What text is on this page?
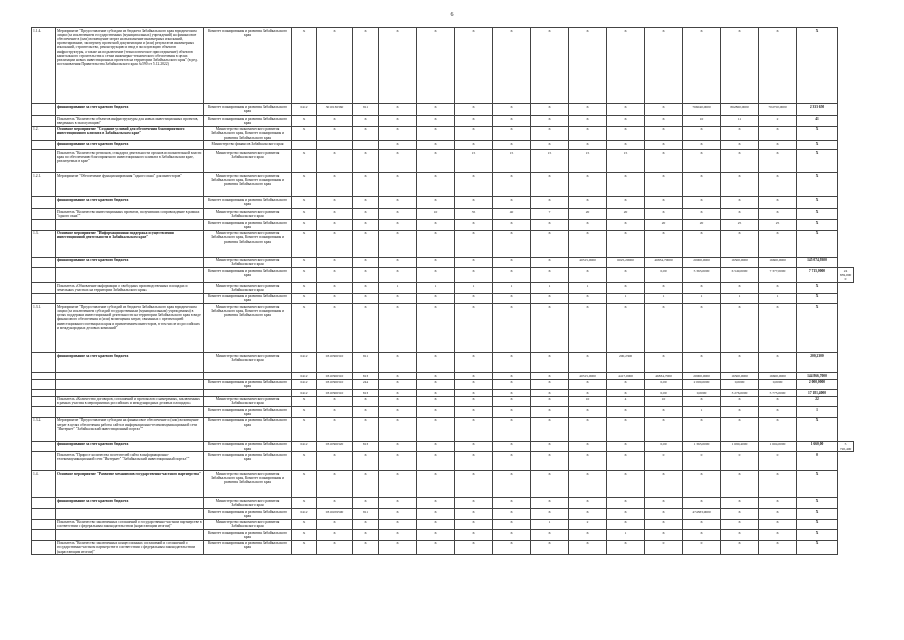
6
1.1.4.	Мероприятие "Предоставление субсидии из бюджета Забайкальского края юридическим лицам (за исключением государственных (муниципальных) учреждений) на финансовое обеспечение в (или) возмещение затрат на выполнение инженерных изысканий, проектирование, экспертизу проектной документации и (или) результатов инженерных изысканий, строительство, реконструкцию и ввод в эксплуатацию объектов инфраструктуры, а также на подключение (технологическое присоединение) объектов капитального строительства к сетям инженерно-технического обеспечения в целях реализации новых инвестиционных проектов на территории Забайкальского края" (в ред. постановления Правительства Забайкальского края №590 от 5.12.2022)	Комитет планирования и развития Забайкальского края	X	X	X	X	X	X	X	X	X	X	X	X	X	X	X	
	финансирование за счет краевого бюджета	Комитет планирования и развития Забайкальского края	0412	3010136360	811	X	X	X	X	X	X	X	X	766040,0000	862860,0000	704750,0000	2 333 650	
	Показатель "Количество объектов инфраструктуры для новых инвестиционных проектов, введенных в эксплуатацию"	Комитет планирования и развития Забайкальского края	X	X	X	X	X	X	X	X	X	X	X	10	11	2	41	
1.2.	Основное мероприятие "Создание условий для обеспечения благоприятного инвестиционного климата в Забайкальском крае"	Министерство экономического развития Забайкальского края, Комитет планирования и развития Забайкальского края	X	X	X	X	X	X	X	X	X	X	X	X	X	X	X	
	финансирование за счет краевого бюджета	Министерство финансов Забайкальского края				X	X	X	X	X	X	X	X	X	X	X	X	
	Показатель "Количество регионов, стандарта деятельности органов исполнительной власти края по обеспечению благоприятного инвестиционного климата в Забайкальском крае, реализуемых в крае"	Министерство экономического развития Забайкальского края	X	X	X	X	X	15	15	15	15	15	X	X	X	X	X	
1.2.1.	Мероприятие "Обеспечение функционирования "одного окна" для инвесторов"	Министерство экономического развития Забайкальского края, Комитет планирования и развития Забайкальского края	X	X	X	X	X	X	X	X	X	X	X	X	X	X	X	
	финансирование за счет краевого бюджета	Комитет планирования и развития Забайкальского края	X	X	X	X	X	X	X	X	X	X	X	X	X	X	X	
	Показатель "Количество инвестиционных проектов, получивших сопровождение в рамках "одного окна""	Министерство экономического развития Забайкальского края	X	X	X	X	10	35	40	7	20	20	X	X	X	X	X	
		Комитет планирования и развития Забайкальского края	X	X	X	X	X	X	X	X	X	X	20	20	25	25	X	
1.3.	Основное мероприятие "Информационная поддержка осуществления инвестиционной деятельности в Забайкальском крае"	Министерство экономического развития Забайкальского края, Комитет планирования и развития Забайкальского края	X	X	X	X	X	X	X	X	X	X	X	X	X	X	X	
	финансирование за счет краевого бюджета	Министерство экономического развития Забайкальского края	X	X	X	X	X	X	X	X	40315,0000	6025,20000	46834,70000	20000,0000	16500,0000	16600,0000	145 074,9300	
		Комитет планирования и развития Забайкальского края	X	X	X	X	X	X	X	X	X	X	0,00	5 363,0000	6 549,0000	7 377,0000	7 715,0000	24 839,0000
	Показатель «Обновление информации о свободных производственных площадях и земельных участках на территории Забайкальского края»	Министерство экономического развития Забайкальского края	X	X	X	1	1	1	1	1	1	X	X	X	X	X	X	
		Комитет планирования и развития Забайкальского края	X	X	X	X	X	X	X	X	X	1	1	1	1	1	X	
1.3.1.	Мероприятие "Предоставление субсидий из бюджета Забайкальского края юридическим лицам (за исключением субсидий государственным (муниципальным) учреждениям) в целях поддержки инвестиционной деятельности на территории Забайкальского края в виде финансового обеспечения и (или) возмещения затрат, связанных с презентацией инвестиционного потенциала края и привлечением инвесторов, в том числе из российских и международных деловых компаний"	Министерство экономического развития Забайкальского края, Комитет планирования и развития Забайкальского края	X	X	X	X	X	X	X	X	X	X	X	X	X	X	X	
	финансирование за счет краевого бюджета	Министерство экономического развития Забайкальского края	0412	0310306310	811	X	X	X	X	X	X	200,2300	X	X	X	X	200,2300	
			0412	0310306310	813	X	X	X	X	X	40315,0000	4417,0000	46834,7000	20000,0000	16500,0000	16600,0000	144 866,7000	
		Комитет планирования и развития Забайкальского края	0412	0310306310	244	X	X	X	X	X	X	X	0,00	2 000,0000	0,0000	0,0000	2 000,0000	
			0412	0310306310	813	X	X	X	X	X	X	X	0,00	0,0000	3 276,0000	5 775,0000	17 181,4000	
	Показатель «Количество договоров, соглашений и протоколов о намерениях, заключенных в рамках участия в мероприятиях российских и международных деловых площадок»	Министерство экономического развития Забайкальского края	X	X	X	X	X	X	X	X	10	4	10	X	X	X	22	
		Комитет планирования и развития Забайкальского края	X	X	X	X	X	X	X	X	X	X	X	1	X	X	1	
1.3.2.	Мероприятие "Предоставление субсидии на финансовое обеспечение и (или) возмещение затрат в целях обеспечения работы сайта в информационно-телекоммуникационной сети "Интернет" "Забайкальский инвестиционный портал""	Комитет планирования и развития Забайкальского края	X	X	X	X	X	X	X	X	X	X	X	X	X	X	X	
	финансирование за счет краевого бюджета	Комитет планирования и развития Забайкальского края	0412	0310306320	813	X	X	X	X	X	X	X	0,00	1 363,0000	1 690,4000	1 604,0000	1 660,00	5 720,400
	Показатель "Прирост количества посетителей сайта в информационно-телекоммуникационной сети "Интернет" "Забайкальский инвестиционный портал""	Комитет планирования и развития Забайкальского края	X	X	X	X	X	X	X	X	X	X	0	0	0	0	0	
1.4.	Основное мероприятие "Развитие механизмов государственно-частного партнерства"	Министерство экономического развития Забайкальского края, Комитет планирования и развития Забайкальского края	X	X	X	X	X	X	X	X	X	X	X	X	X	X	X	
	финансирование за счет краевого бюджета	Министерство экономического развития Забайкальского края	X	X	X	X	X	X	X	X	X	X	X	X	X	X	X	
		Комитет планирования и развития Забайкальского края	0412	0310459590	811	X	X	X	X	X	X	X	X	474383,9000	X	X	X	
	Показатель "Количество заключенных соглашений о государственно-частном партнерстве в соответствии с федеральным законодательством (нарастающим итогом)"	Министерство экономического развития Забайкальского края	X	X	X	X	X	X	X	1	2	X	X	X	X	X	X	
		Комитет планирования и развития Забайкальского края	X	X	X	X	X	X	X	X	X	1	X	X	X	X	X	
	Показатель "Количество заключенных концессионных соглашений и соглашений о государственно-частном партнерстве в соответствии с федеральным законодательством (нарастающим итогом)"	Комитет планирования и развития Забайкальского края	X	X	X	X	X	X	X	X	X	X	0	0	X	X	X	
